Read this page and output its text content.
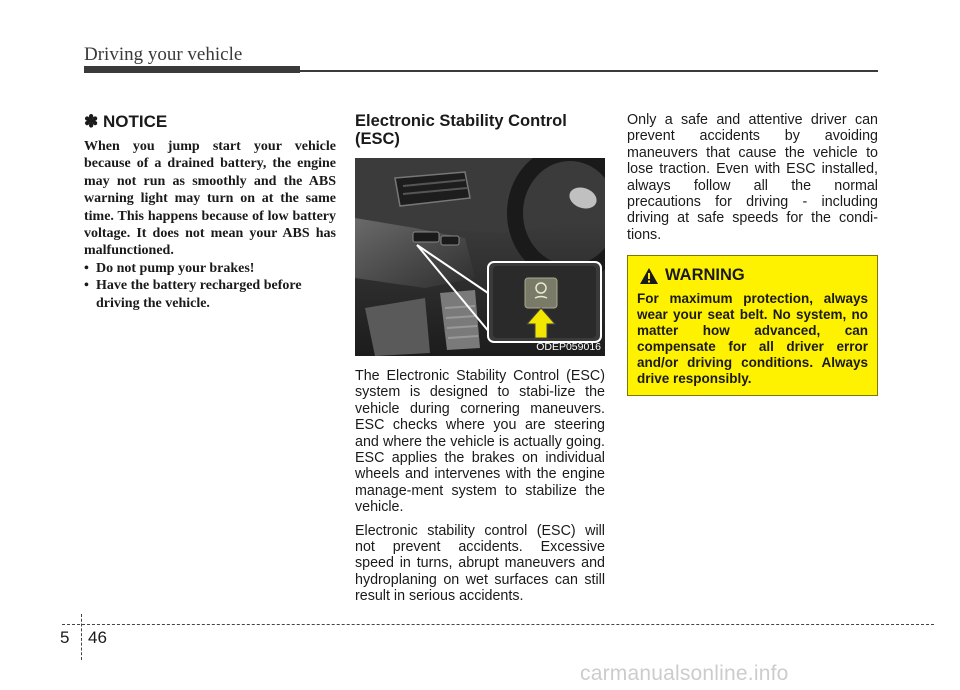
Driving your vehicle
✽ NOTICE

When you jump start your vehicle because of a drained battery, the engine may not run as smoothly and the ABS warning light may turn on at the same time. This happens because of low battery voltage. It does not mean your ABS has malfunctioned.

• Do not pump your brakes!
• Have the battery recharged before driving the vehicle.
Electronic Stability Control (ESC)
ODEP059016

The Electronic Stability Control (ESC) system is designed to stabi-lize the vehicle during cornering maneuvers. ESC checks where you are steering and where the vehicle is actually going. ESC applies the brakes on individual wheels and intervenes with the engine manage-ment system to stabilize the vehicle.

Electronic stability control (ESC) will not prevent accidents. Excessive speed in turns, abrupt maneuvers and hydroplaning on wet surfaces can still result in serious accidents.

Only a safe and attentive driver can prevent accidents by avoiding maneuvers that cause the vehicle to lose traction. Even with ESC installed, always follow all the normal precautions for driving - including driving at safe speeds for the condi-tions.

WARNING

For maximum protection, always wear your seat belt. No system, no matter how advanced, can compensate for all driver error and/or driving conditions. Always drive responsibly.

5 46
carmanualsonline.info
